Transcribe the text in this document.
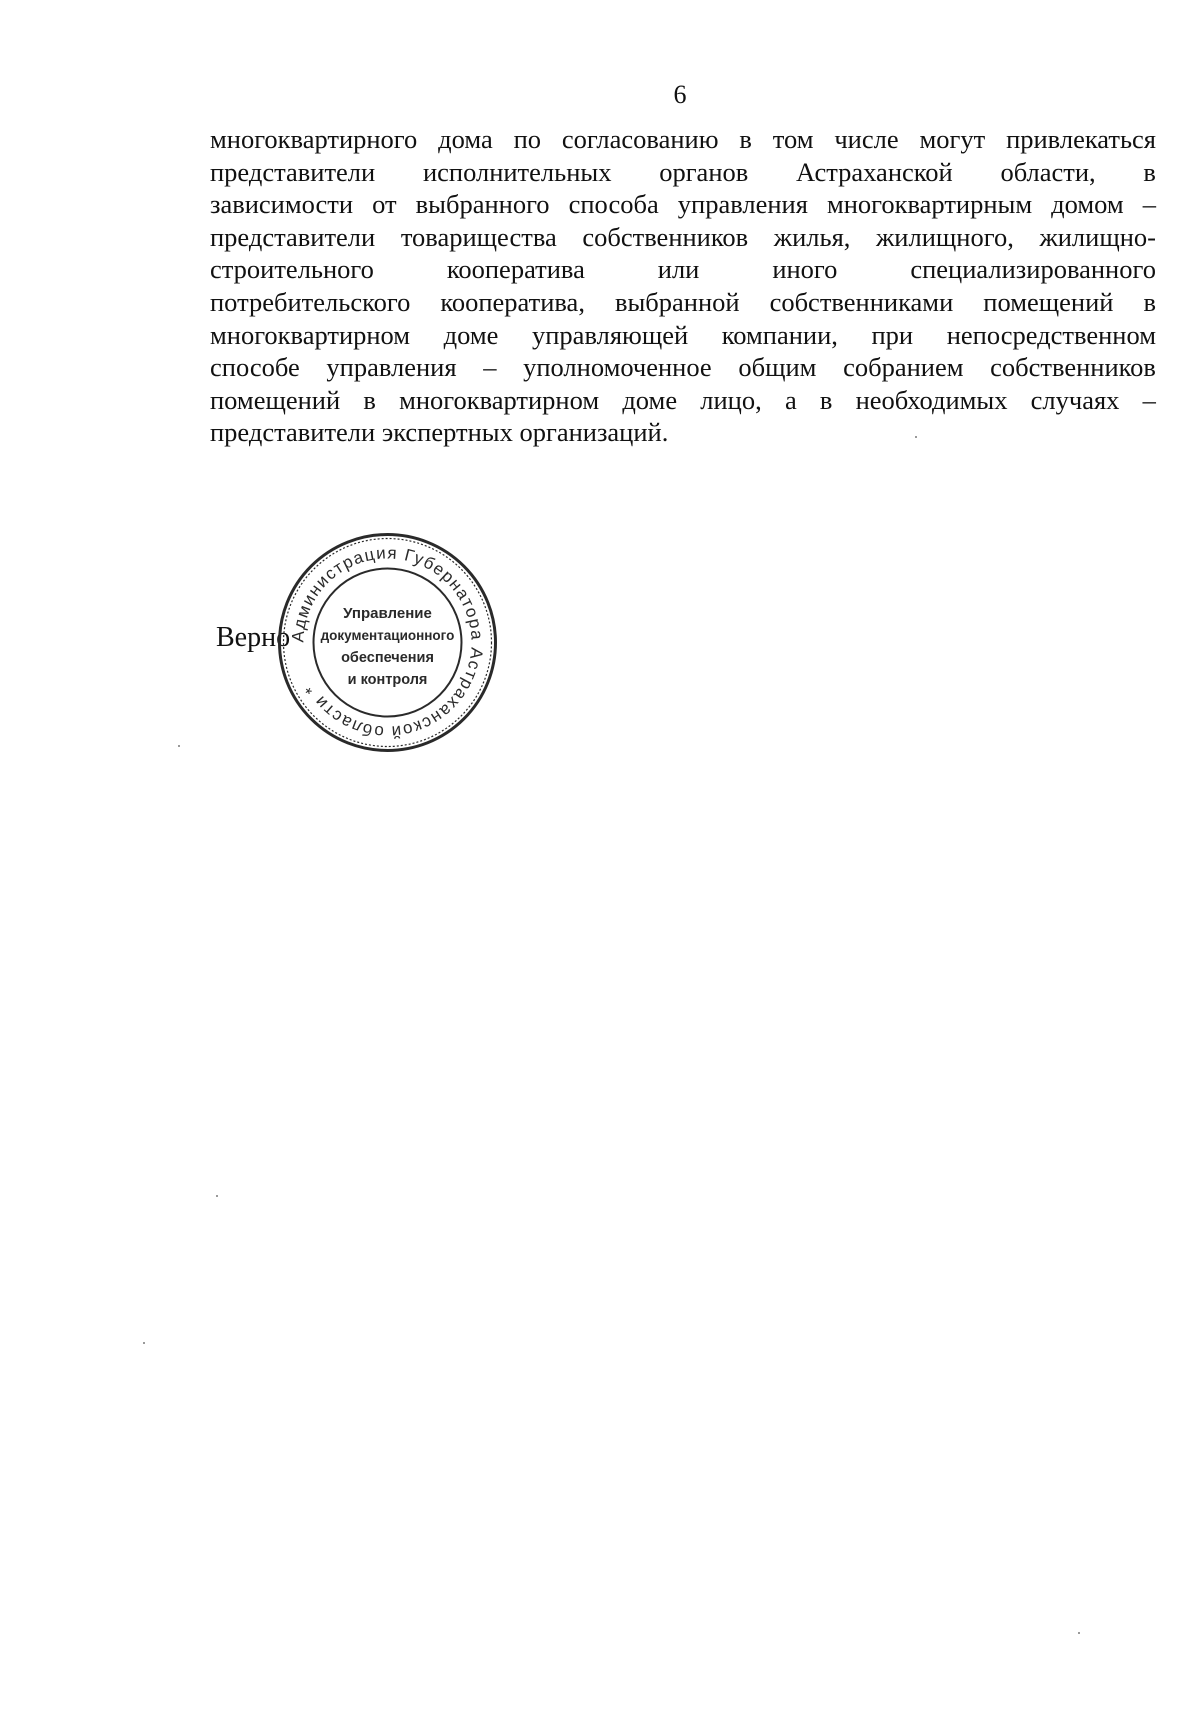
6
многоквартирного дома по согласованию в том числе могут привлекаться
представители исполнительных органов Астраханской области, в
зависимости от выбранного способа управления многоквартирным домом –
представители товарищества собственников жилья, жилищного, жилищно-
строительного	кооператива	или	иного	специализированного
потребительского кооператива, выбранной собственниками помещений в
многоквартирном доме управляющей компании, при непосредственном
способе управления – уполномоченное общим собранием собственников
помещений в многоквартирном доме лицо, а в необходимых случаях –
представители экспертных организаций.
Верно
Администрация Губернатора Астраханской области *
Управление
документационного
обеспечения
и контроля
